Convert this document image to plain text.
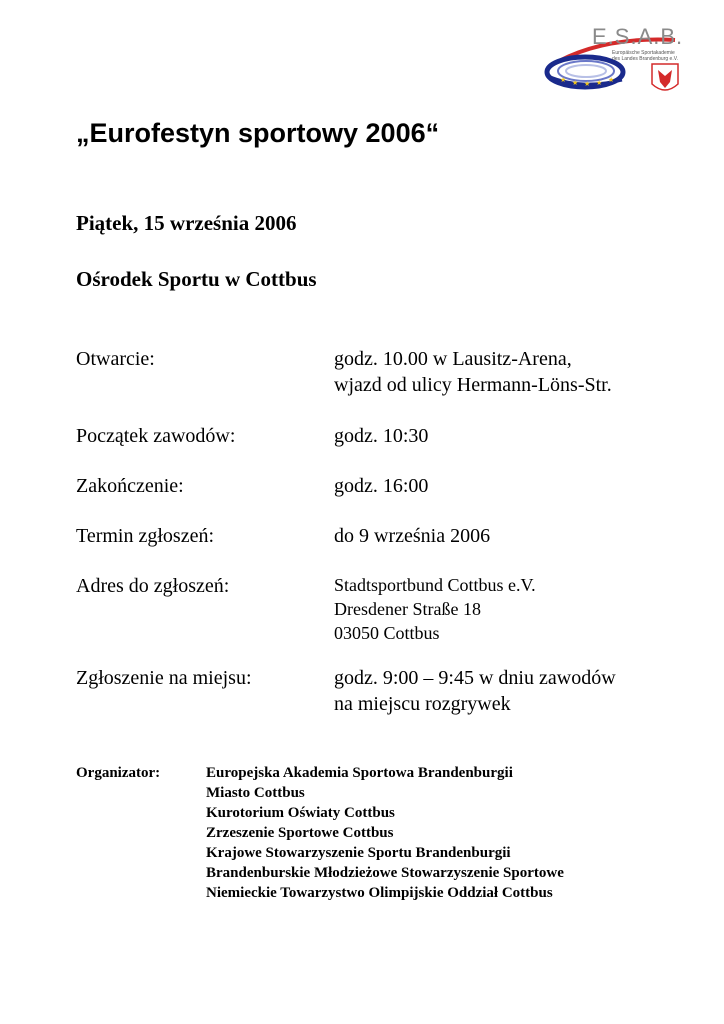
★ ★ ★ ★ ★
E.S.A.B.
Europäische Sportakademie
des Landes Brandenburg e.V.
„Eurofestyn sportowy 2006“
Piątek, 15 września 2006
Ośrodek Sportu w Cottbus
Otwarcie:	godz. 10.00 w Lausitz-Arena,
wjazd od ulicy Hermann-Löns-Str.
Początek zawodów:	godz. 10:30
Zakończenie:	godz. 16:00
Termin zgłoszeń:	do 9 września 2006
Adres do zgłoszeń:	Stadtsportbund Cottbus e.V.
Dresdener Straße 18
03050 Cottbus
Zgłoszenie na miejsu:	godz. 9:00 – 9:45 w dniu zawodów
na miejscu rozgrywek
Organizator:	Europejska Akademia Sportowa Brandenburgii
Miasto Cottbus
Kurotorium Oświaty Cottbus
Zrzeszenie Sportowe Cottbus
Krajowe Stowarzyszenie Sportu Brandenburgii
Brandenburskie Młodzieżowe Stowarzyszenie Sportowe
Niemieckie Towarzystwo Olimpijskie Oddział Cottbus
